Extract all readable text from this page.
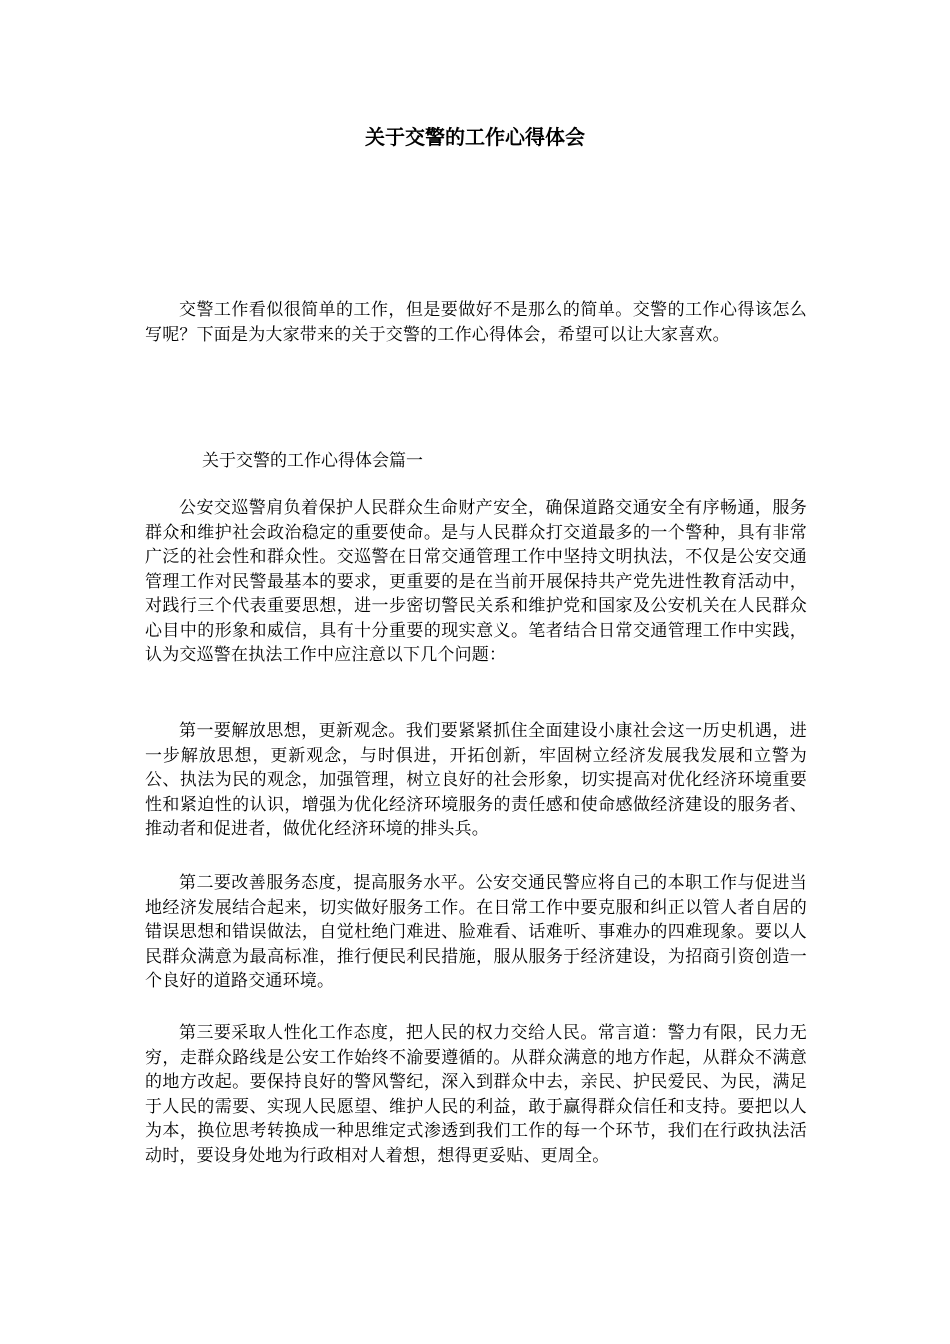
关于交警的工作心得体会

交警工作看似很简单的工作，但是要做好不是那么的简单。交警的工作心得该怎么写呢？下面是为大家带来的关于交警的工作心得体会，希望可以让大家喜欢。

关于交警的工作心得体会篇一

公安交巡警肩负着保护人民群众生命财产安全，确保道路交通安全有序畅通，服务群众和维护社会政治稳定的重要使命。是与人民群众打交道最多的一个警种，具有非常广泛的社会性和群众性。交巡警在日常交通管理工作中坚持文明执法，不仅是公安交通管理工作对民警最基本的要求，更重要的是在当前开展保持共产党先进性教育活动中，对践行三个代表重要思想，进一步密切警民关系和维护党和国家及公安机关在人民群众心目中的形象和威信，具有十分重要的现实意义。笔者结合日常交通管理工作中实践，认为交巡警在执法工作中应注意以下几个问题：

第一要解放思想，更新观念。我们要紧紧抓住全面建设小康社会这一历史机遇，进一步解放思想，更新观念，与时俱进，开拓创新，牢固树立经济发展我发展和立警为公、执法为民的观念，加强管理，树立良好的社会形象，切实提高对优化经济环境重要性和紧迫性的认识，增强为优化经济环境服务的责任感和使命感做经济建设的服务者、推动者和促进者，做优化经济环境的排头兵。

第二要改善服务态度，提高服务水平。公安交通民警应将自己的本职工作与促进当地经济发展结合起来，切实做好服务工作。在日常工作中要克服和纠正以管人者自居的错误思想和错误做法，自觉杜绝门难进、脸难看、话难听、事难办的四难现象。要以人民群众满意为最高标准，推行便民利民措施，服从服务于经济建设，为招商引资创造一个良好的道路交通环境。

第三要采取人性化工作态度，把人民的权力交给人民。常言道：警力有限，民力无穷，走群众路线是公安工作始终不渝要遵循的。从群众满意的地方作起，从群众不满意的地方改起。要保持良好的警风警纪，深入到群众中去，亲民、护民爱民、为民，满足于人民的需要、实现人民愿望、维护人民的利益，敢于赢得群众信任和支持。要把以人为本，换位思考转换成一种思维定式渗透到我们工作的每一个环节，我们在行政执法活动时，要设身处地为行政相对人着想，想得更妥贴、更周全。
